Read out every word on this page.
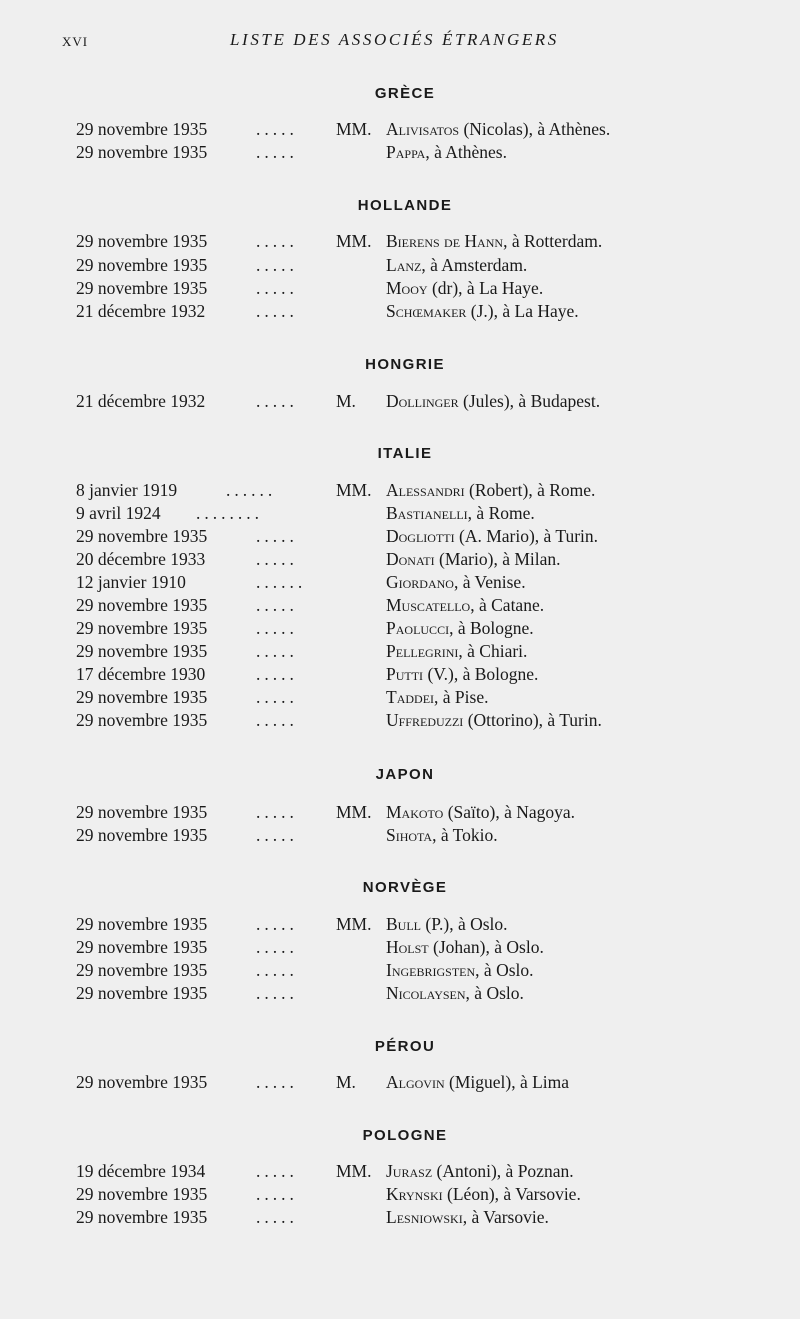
XVI	LISTE DES ASSOCIÉS ÉTRANGERS
GRÈCE
29 novembre 1935	..... MM. Alivisatos (Nicolas), à Athènes.
29 novembre 1935	.....	Pappa, à Athènes.
HOLLANDE
29 novembre 1935	..... MM. Bierens de Hann, à Rotterdam.
29 novembre 1935	.....	Lanz, à Amsterdam.
29 novembre 1935	.....	Mooy (dr), à La Haye.
21 décembre 1932	.....	Schœmaker (J.), à La Haye.
HONGRIE
21 décembre 1932	..... M. Dollinger (Jules), à Budapest.
ITALIE
8 janvier 1919	......	MM. Alessandri (Robert), à Rome.
9 avril 1924 ........	Bastianelli, à Rome.
29 novembre 1935	.....	Dogliotti (A. Mario), à Turin.
20 décembre 1933	.....	Donati (Mario), à Milan.
12 janvier 1910	......	Giordano, à Venise.
29 novembre 1935	.....	Muscatello, à Catane.
29 novembre 1935	.....	Paolucci, à Bologne.
29 novembre 1935	.....	Pellegrini, à Chiari.
17 décembre 1930	.....	Putti (V.), à Bologne.
29 novembre 1935	.....	Taddei, à Pise.
29 novembre 1935	.....	Uffreduzzi (Ottorino), à Turin.
JAPON
29 novembre 1935	..... MM. Makoto (Saïto), à Nagoya.
29 novembre 1935	.....	Sihota, à Tokio.
NORVÈGE
29 novembre 1935	..... MM. Bull (P.), à Oslo.
29 novembre 1935	.....	Holst (Johan), à Oslo.
29 novembre 1935	.....	Ingebrigsten, à Oslo.
29 novembre 1935	.....	Nicolaysen, à Oslo.
PÉROU
29 novembre 1935	..... M. Algovin (Miguel), à Lima
POLOGNE
19 décembre 1934	..... MM. Jurasz (Antoni), à Poznan.
29 novembre 1935	.....	Krynski (Léon), à Varsovie.
29 novembre 1935	.....	Lesniowski, à Varsovie.
